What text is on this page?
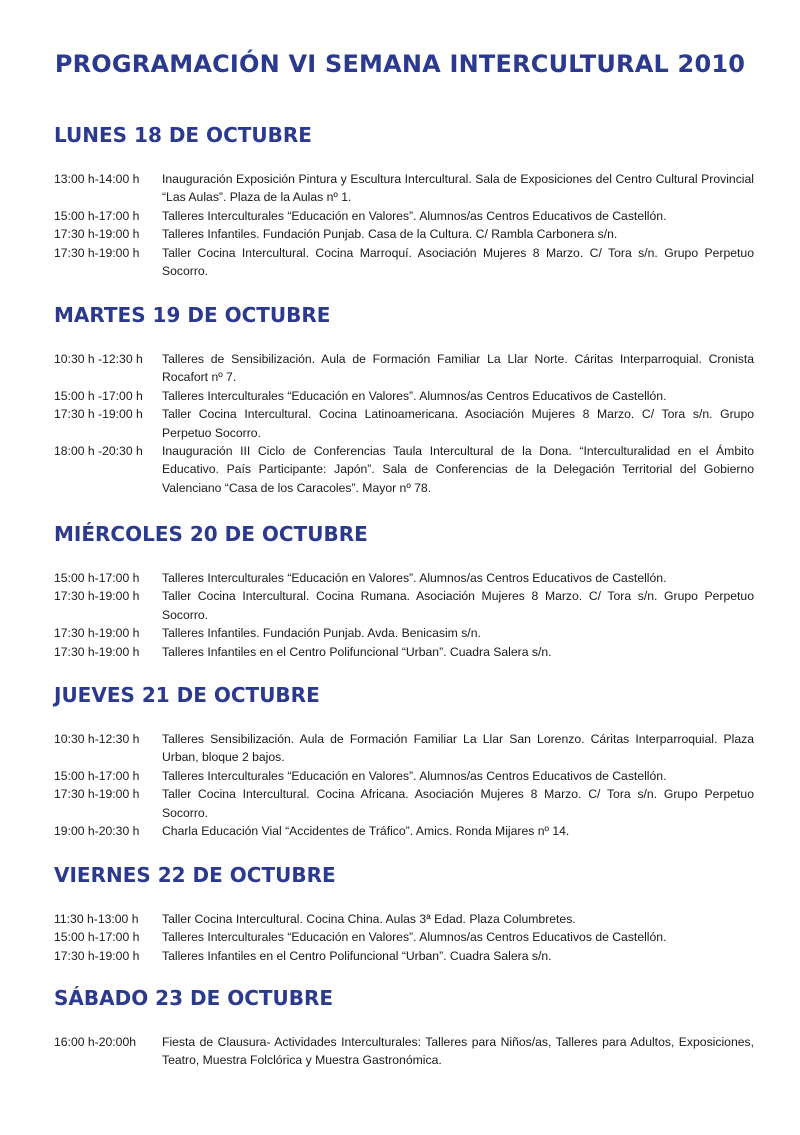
PROGRAMACIÓN VI SEMANA INTERCULTURAL 2010
LUNES 18 DE OCTUBRE
13:00 h-14:00 h	Inauguración Exposición Pintura y Escultura Intercultural. Sala de Exposiciones del Centro Cultural Provincial “Las Aulas”. Plaza de la Aulas nº 1.
15:00 h-17:00 h	Talleres Interculturales “Educación en Valores”. Alumnos/as Centros Educativos de Castellón.
17:30 h-19:00 h	Talleres Infantiles. Fundación Punjab. Casa de la Cultura. C/ Rambla Carbonera s/n.
17:30 h-19:00 h	Taller Cocina Intercultural. Cocina Marroquí. Asociación Mujeres 8 Marzo. C/ Tora s/n. Grupo Perpetuo Socorro.
MARTES 19 DE OCTUBRE
10:30 h -12:30 h	Talleres de Sensibilización. Aula de Formación Familiar La Llar Norte. Cáritas Interparroquial. Cronista Rocafort nº 7.
15:00 h -17:00 h	Talleres Interculturales “Educación en Valores”. Alumnos/as Centros Educativos de Castellón.
17:30 h -19:00 h	Taller Cocina Intercultural. Cocina Latinoamericana. Asociación Mujeres 8 Marzo. C/ Tora s/n. Grupo Perpetuo Socorro.
18:00 h -20:30 h	Inauguración III Ciclo de Conferencias Taula Intercultural de la Dona. “Interculturalidad en el Ámbito Educativo. País Participante: Japón”. Sala de Conferencias de la Delegación Territorial del Gobierno Valenciano “Casa de los Caracoles”. Mayor nº 78.
MIÉRCOLES 20 DE OCTUBRE
15:00 h-17:00 h	Talleres Interculturales “Educación en Valores”. Alumnos/as Centros Educativos de Castellón.
17:30 h-19:00 h	Taller Cocina Intercultural. Cocina Rumana. Asociación Mujeres 8 Marzo. C/ Tora s/n. Grupo Perpetuo Socorro.
17:30 h-19:00 h	Talleres Infantiles. Fundación Punjab. Avda. Benicasim s/n.
17:30 h-19:00 h	Talleres Infantiles en el Centro Polifuncional “Urban”. Cuadra Salera s/n.
JUEVES 21 DE OCTUBRE
10:30 h-12:30 h	Talleres Sensibilización. Aula de Formación Familiar La Llar San Lorenzo. Cáritas Interparroquial. Plaza Urban, bloque 2 bajos.
15:00 h-17:00 h	Talleres Interculturales “Educación en Valores”. Alumnos/as Centros Educativos de Castellón.
17:30 h-19:00 h	Taller Cocina Intercultural. Cocina Africana. Asociación Mujeres 8 Marzo. C/ Tora s/n. Grupo Perpetuo Socorro.
19:00 h-20:30 h	Charla Educación Vial “Accidentes de Tráfico”. Amics. Ronda Mijares nº 14.
VIERNES 22 DE OCTUBRE
11:30 h-13:00 h	Taller Cocina Intercultural. Cocina China. Aulas 3ª Edad. Plaza Columbretes.
15:00 h-17:00 h	Talleres Interculturales “Educación en Valores”. Alumnos/as Centros Educativos de Castellón.
17:30 h-19:00 h	Talleres Infantiles en el Centro Polifuncional “Urban”. Cuadra Salera s/n.
SÁBADO 23 DE OCTUBRE
16:00 h-20:00h	Fiesta de Clausura- Actividades Interculturales: Talleres para Niños/as, Talleres para Adultos, Exposiciones, Teatro, Muestra Folclórica y Muestra Gastronómica.
